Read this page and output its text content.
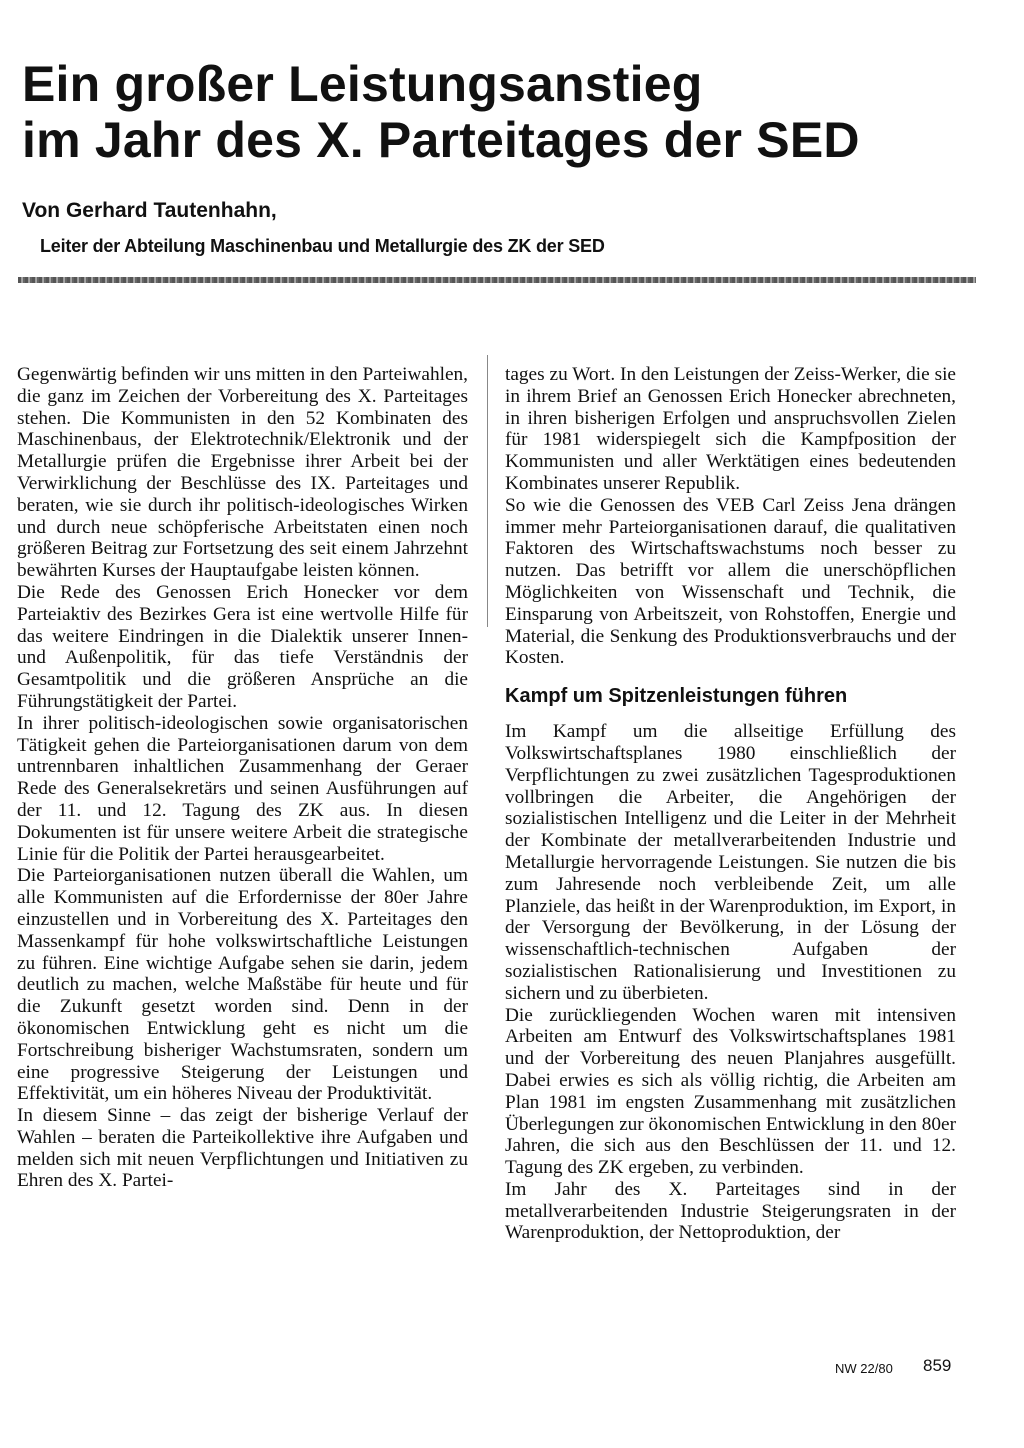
Ein großer Leistungsanstieg
im Jahr des X. Parteitages der SED
Von Gerhard Tautenhahn,
Leiter der Abteilung Maschinenbau und Metallurgie des ZK der SED

Gegenwärtig befinden wir uns mitten in den Parteiwahlen, die ganz im Zeichen der Vorbereitung des X. Parteitages stehen. Die Kommunisten in den 52 Kombinaten des Maschinenbaus, der Elektrotechnik/Elektronik und der Metallurgie prüfen die Ergebnisse ihrer Arbeit bei der Verwirklichung der Beschlüsse des IX. Parteitages und beraten, wie sie durch ihr politisch-ideologisches Wirken und durch neue schöpferische Arbeitstaten einen noch größeren Beitrag zur Fortsetzung des seit einem Jahrzehnt bewährten Kurses der Hauptaufgabe leisten können.

Die Rede des Genossen Erich Honecker vor dem Parteiaktiv des Bezirkes Gera ist eine wertvolle Hilfe für das weitere Eindringen in die Dialektik unserer Innen- und Außenpolitik, für das tiefe Verständnis der Gesamtpolitik und die größeren Ansprüche an die Führungstätigkeit der Partei.

In ihrer politisch-ideologischen sowie organisatorischen Tätigkeit gehen die Parteiorganisationen darum von dem untrennbaren inhaltlichen Zusammenhang der Geraer Rede des Generalsekretärs und seinen Ausführungen auf der 11. und 12. Tagung des ZK aus. In diesen Dokumenten ist für unsere weitere Arbeit die strategische Linie für die Politik der Partei herausgearbeitet.

Die Parteiorganisationen nutzen überall die Wahlen, um alle Kommunisten auf die Erfordernisse der 80er Jahre einzustellen und in Vorbereitung des X. Parteitages den Massenkampf für hohe volkswirtschaftliche Leistungen zu führen. Eine wichtige Aufgabe sehen sie darin, jedem deutlich zu machen, welche Maßstäbe für heute und für die Zukunft gesetzt worden sind. Denn in der ökonomischen Entwicklung geht es nicht um die Fortschreibung bisheriger Wachstumsraten, sondern um eine progressive Steigerung der Leistungen und Effektivität, um ein höheres Niveau der Produktivität.

In diesem Sinne – das zeigt der bisherige Verlauf der Wahlen – beraten die Parteikollektive ihre Aufgaben und melden sich mit neuen Verpflichtungen und Initiativen zu Ehren des X. Partei-

tages zu Wort. In den Leistungen der Zeiss-Werker, die sie in ihrem Brief an Genossen Erich Honecker abrechneten, in ihren bisherigen Erfolgen und anspruchsvollen Zielen für 1981 widerspiegelt sich die Kampfposition der Kommunisten und aller Werktätigen eines bedeutenden Kombinates unserer Republik.

So wie die Genossen des VEB Carl Zeiss Jena drängen immer mehr Parteiorganisationen darauf, die qualitativen Faktoren des Wirtschaftswachstums noch besser zu nutzen. Das betrifft vor allem die unerschöpflichen Möglichkeiten von Wissenschaft und Technik, die Einsparung von Arbeitszeit, von Rohstoffen, Energie und Material, die Senkung des Produktionsverbrauchs und der Kosten.

Kampf um Spitzenleistungen führen

Im Kampf um die allseitige Erfüllung des Volkswirtschaftsplanes 1980 einschließlich der Verpflichtungen zu zwei zusätzlichen Tagesproduktionen vollbringen die Arbeiter, die Angehörigen der sozialistischen Intelligenz und die Leiter in der Mehrheit der Kombinate der metallverarbeitenden Industrie und Metallurgie hervorragende Leistungen. Sie nutzen die bis zum Jahresende noch verbleibende Zeit, um alle Planziele, das heißt in der Warenproduktion, im Export, in der Versorgung der Bevölkerung, in der Lösung der wissenschaftlich-technischen Aufgaben der sozialistischen Rationalisierung und Investitionen zu sichern und zu überbieten.

Die zurückliegenden Wochen waren mit intensiven Arbeiten am Entwurf des Volkswirtschaftsplanes 1981 und der Vorbereitung des neuen Planjahres ausgefüllt. Dabei erwies es sich als völlig richtig, die Arbeiten am Plan 1981 im engsten Zusammenhang mit zusätzlichen Überlegungen zur ökonomischen Entwicklung in den 80er Jahren, die sich aus den Beschlüssen der 11. und 12. Tagung des ZK ergeben, zu verbinden.

Im Jahr des X. Parteitages sind in der metallverarbeitenden Industrie Steigerungsraten in der Warenproduktion, der Nettoproduktion, der

NW 22/80 859
